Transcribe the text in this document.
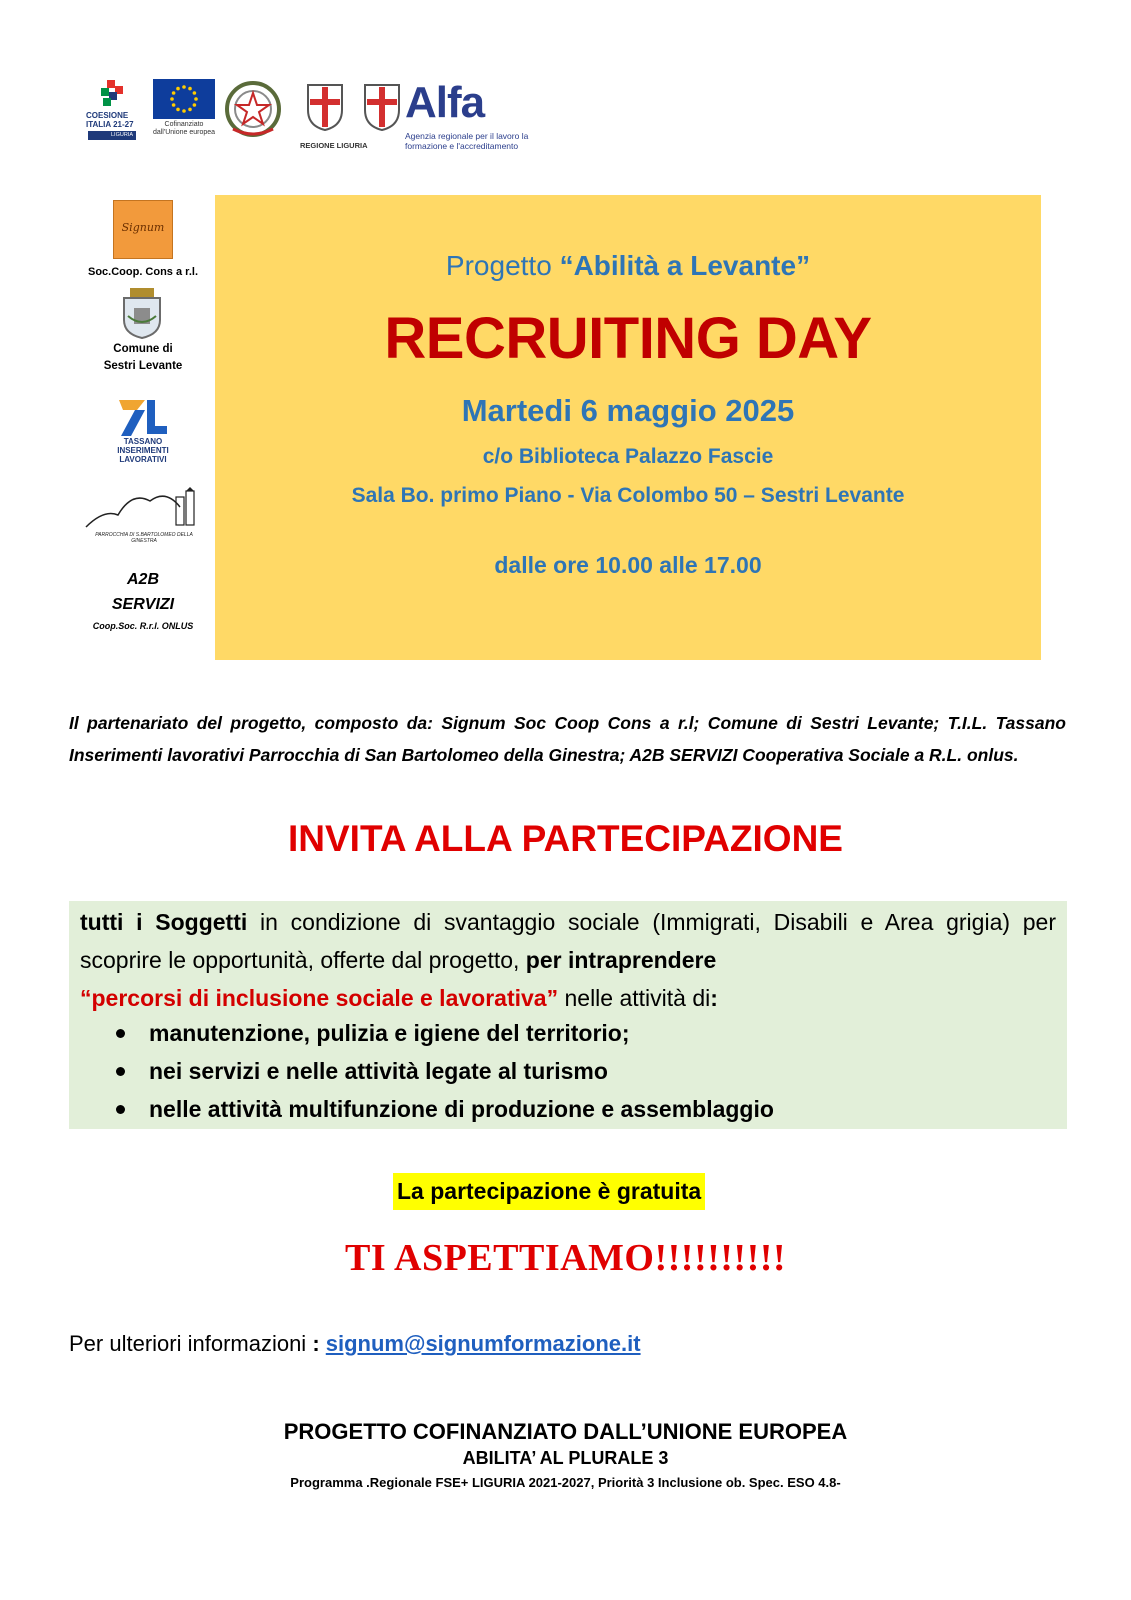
COESIONE
ITALIA 21-27
LIGURIA
Cofinanziato dall'Unione europea
REGIONE LIGURIA
Alfa
Agenzia regionale per il lavoro la formazione e l'accreditamento
Signum
Soc.Coop. Cons a r.l.
Comune di
Sestri Levante
TASSANO
INSERIMENTI
LAVORATIVI
PARROCCHIA DI S.BARTOLOMEO DELLA GINESTRA
A2B
SERVIZI
Coop.Soc. R.r.l. ONLUS
Progetto “Abilità a Levante”
RECRUITING DAY
Martedi 6 maggio 2025
c/o Biblioteca Palazzo Fascie
Sala Bo. primo Piano - Via Colombo 50 – Sestri Levante
dalle ore 10.00 alle 17.00
Il partenariato del progetto, composto da: Signum Soc Coop Cons a r.l; Comune di Sestri Levante; T.I.L. Tassano Inserimenti lavorativi Parrocchia di San Bartolomeo della Ginestra; A2B SERVIZI Cooperativa Sociale a R.L. onlus.
INVITA ALLA PARTECIPAZIONE
tutti i Soggetti in condizione di svantaggio sociale (Immigrati, Disabili e Area grigia) per scoprire le opportunità, offerte dal progetto, per intraprendere
“percorsi di inclusione sociale e lavorativa” nelle attività di:
manutenzione, pulizia e igiene del territorio;
nei servizi e nelle attività legate al turismo
nelle attività multifunzione di produzione e assemblaggio
La partecipazione è gratuita
TI ASPETTIAMO!!!!!!!!!!
Per ulteriori informazioni : signum@signumformazione.it
PROGETTO COFINANZIATO DALL’UNIONE EUROPEA
ABILITA’ AL PLURALE 3
Programma .Regionale FSE+ LIGURIA 2021-2027, Priorità 3 Inclusione ob. Spec. ESO 4.8-
